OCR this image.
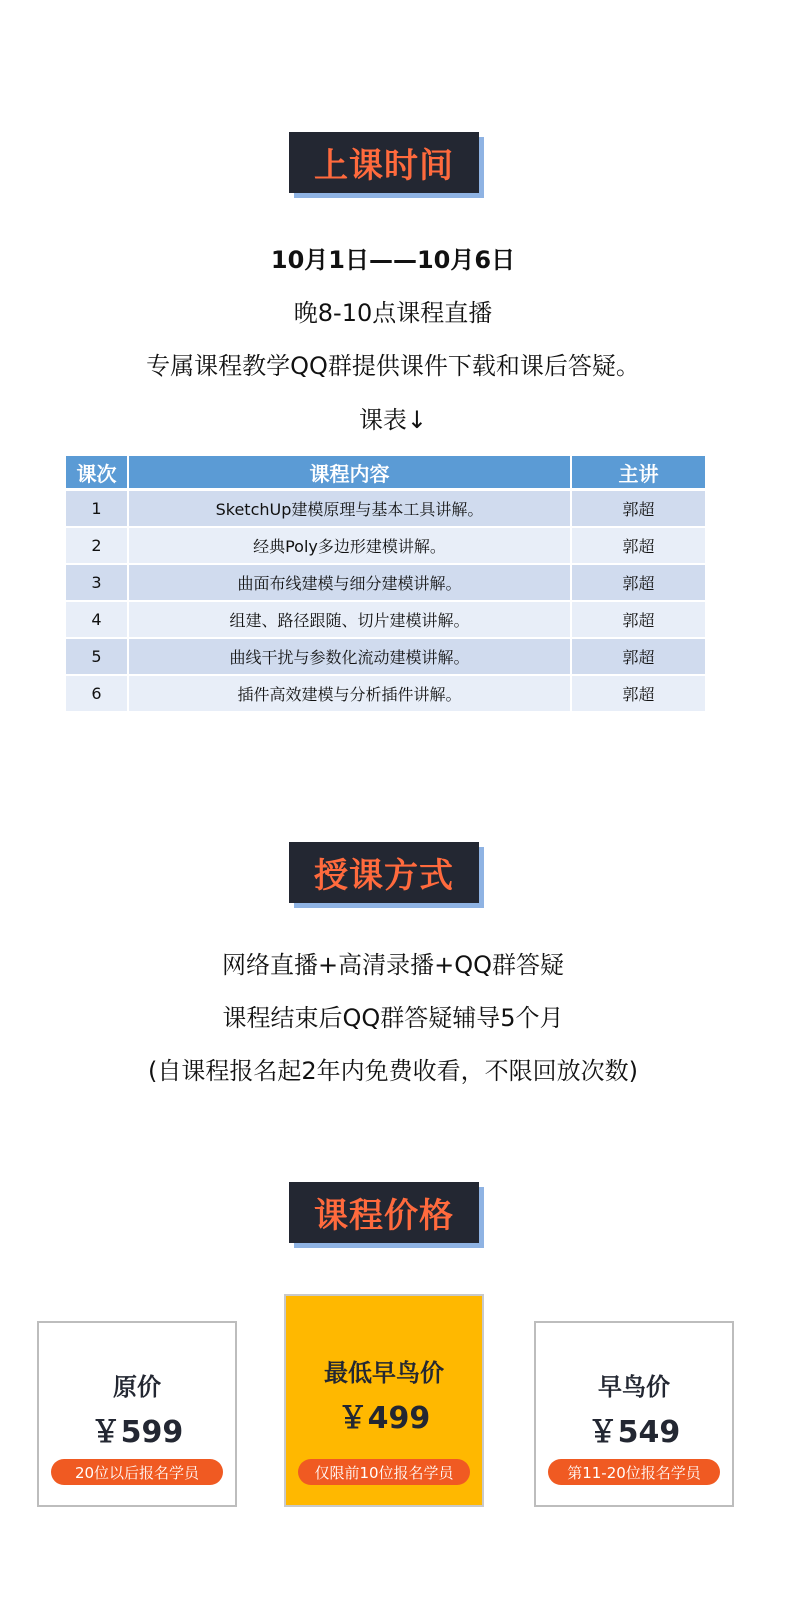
上课时间
10月1日——10月6日
晚8-10点课程直播
专属课程教学QQ群提供课件下载和课后答疑。
课表↓
课次	课程内容	主讲
1	SketchUp建模原理与基本工具讲解。	郭超
2	经典Poly多边形建模讲解。	郭超
3	曲面布线建模与细分建模讲解。	郭超
4	组建、路径跟随、切片建模讲解。	郭超
5	曲线干扰与参数化流动建模讲解。	郭超
6	插件高效建模与分析插件讲解。	郭超
授课方式
网络直播+高清录播+QQ群答疑
课程结束后QQ群答疑辅导5个月
(自课程报名起2年内免费收看，不限回放次数)
课程价格
原价
￥599
20位以后报名学员
最低早鸟价
￥499
仅限前10位报名学员
早鸟价
￥549
第11-20位报名学员
